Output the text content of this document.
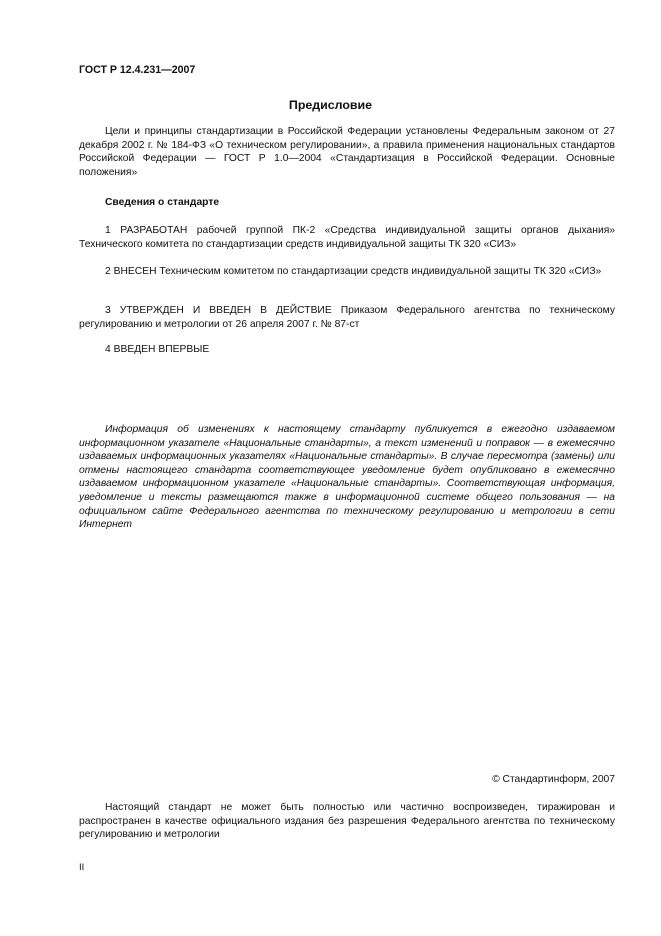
ГОСТ Р 12.4.231—2007
Предисловие
Цели и принципы стандартизации в Российской Федерации установлены Федеральным законом от 27 декабря 2002 г. № 184-ФЗ «О техническом регулировании», а правила применения национальных стандартов Российской Федерации — ГОСТ Р 1.0—2004 «Стандартизация в Российской Федерации. Основные положения»
Сведения о стандарте
1 РАЗРАБОТАН рабочей группой ПК-2 «Средства индивидуальной защиты органов дыхания» Технического комитета по стандартизации средств индивидуальной защиты ТК 320 «СИЗ»
2 ВНЕСЕН Техническим комитетом по стандартизации средств индивидуальной защиты ТК 320 «СИЗ»
3 УТВЕРЖДЕН И ВВЕДЕН В ДЕЙСТВИЕ Приказом Федерального агентства по техническому регулированию и метрологии от 26 апреля 2007 г. № 87-ст
4 ВВЕДЕН ВПЕРВЫЕ
Информация об изменениях к настоящему стандарту публикуется в ежегодно издаваемом информационном указателе «Национальные стандарты», а текст изменений и поправок — в ежемесячно издаваемых информационных указателях «Национальные стандарты». В случае пересмотра (замены) или отмены настоящего стандарта соответствующее уведомление будет опубликовано в ежемесячно издаваемом информационном указателе «Национальные стандарты». Соответствующая информация, уведомление и тексты размещаются также в информационной системе общего пользования — на официальном сайте Федерального агентства по техническому регулированию и метрологии в сети Интернет
© Стандартинформ, 2007
Настоящий стандарт не может быть полностью или частично воспроизведен, тиражирован и распространен в качестве официального издания без разрешения Федерального агентства по техническому регулированию и метрологии
II
